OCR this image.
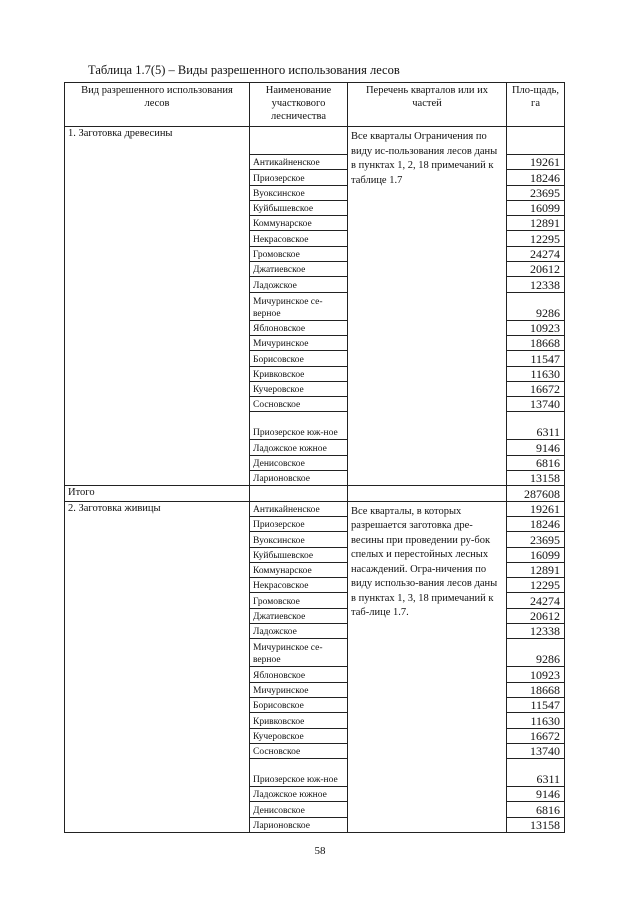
Таблица 1.7(5) – Виды разрешенного использования лесов
Вид разрешенного использования лесов	Наименование участкового лесничества	Перечень кварталов или их частей	Пло-щадь, га
1. Заготовка древесины		Все кварталы Ограничения по виду ис-пользования лесов даны в пунктах 1, 2, 18 примечаний к таблице 1.7	
	Антикайненское		19261
	Приозерское		18246
	Вуоксинское		23695
	Куйбышевское		16099
	Коммунарское		12891
	Некрасовское		12295
	Громовское		24274
	Джатиевское		20612
	Ладожское		12338
	Мичуринское се-верное		9286
	Яблоновское		10923
	Мичуринское		18668
	Борисовское		11547
	Кривковское		11630
	Кучеровское		16672
	Сосновское		13740
	Приозерское юж-ное		6311
	Ладожское южное		9146
	Денисовское		6816
	Ларионовское		13158
Итого			287608
2. Заготовка живицы	Антикайненское	Все кварталы, в которых разрешается заготовка дре-весины при проведении ру-бок спелых и перестойных лесных насаждений. Огра-ничения по виду использо-вания лесов даны в пунктах 1, 3, 18 примечаний к таб-лице 1.7.	19261
	Приозерское		18246
	Вуоксинское		23695
	Куйбышевское		16099
	Коммунарское		12891
	Некрасовское		12295
	Громовское		24274
	Джатиевское		20612
	Ладожское		12338
	Мичуринское се-верное		9286
	Яблоновское		10923
	Мичуринское		18668
	Борисовское		11547
	Кривковское		11630
	Кучеровское		16672
	Сосновское		13740
	Приозерское юж-ное		6311
	Ладожское южное		9146
	Денисовское		6816
	Ларионовское		13158
58
